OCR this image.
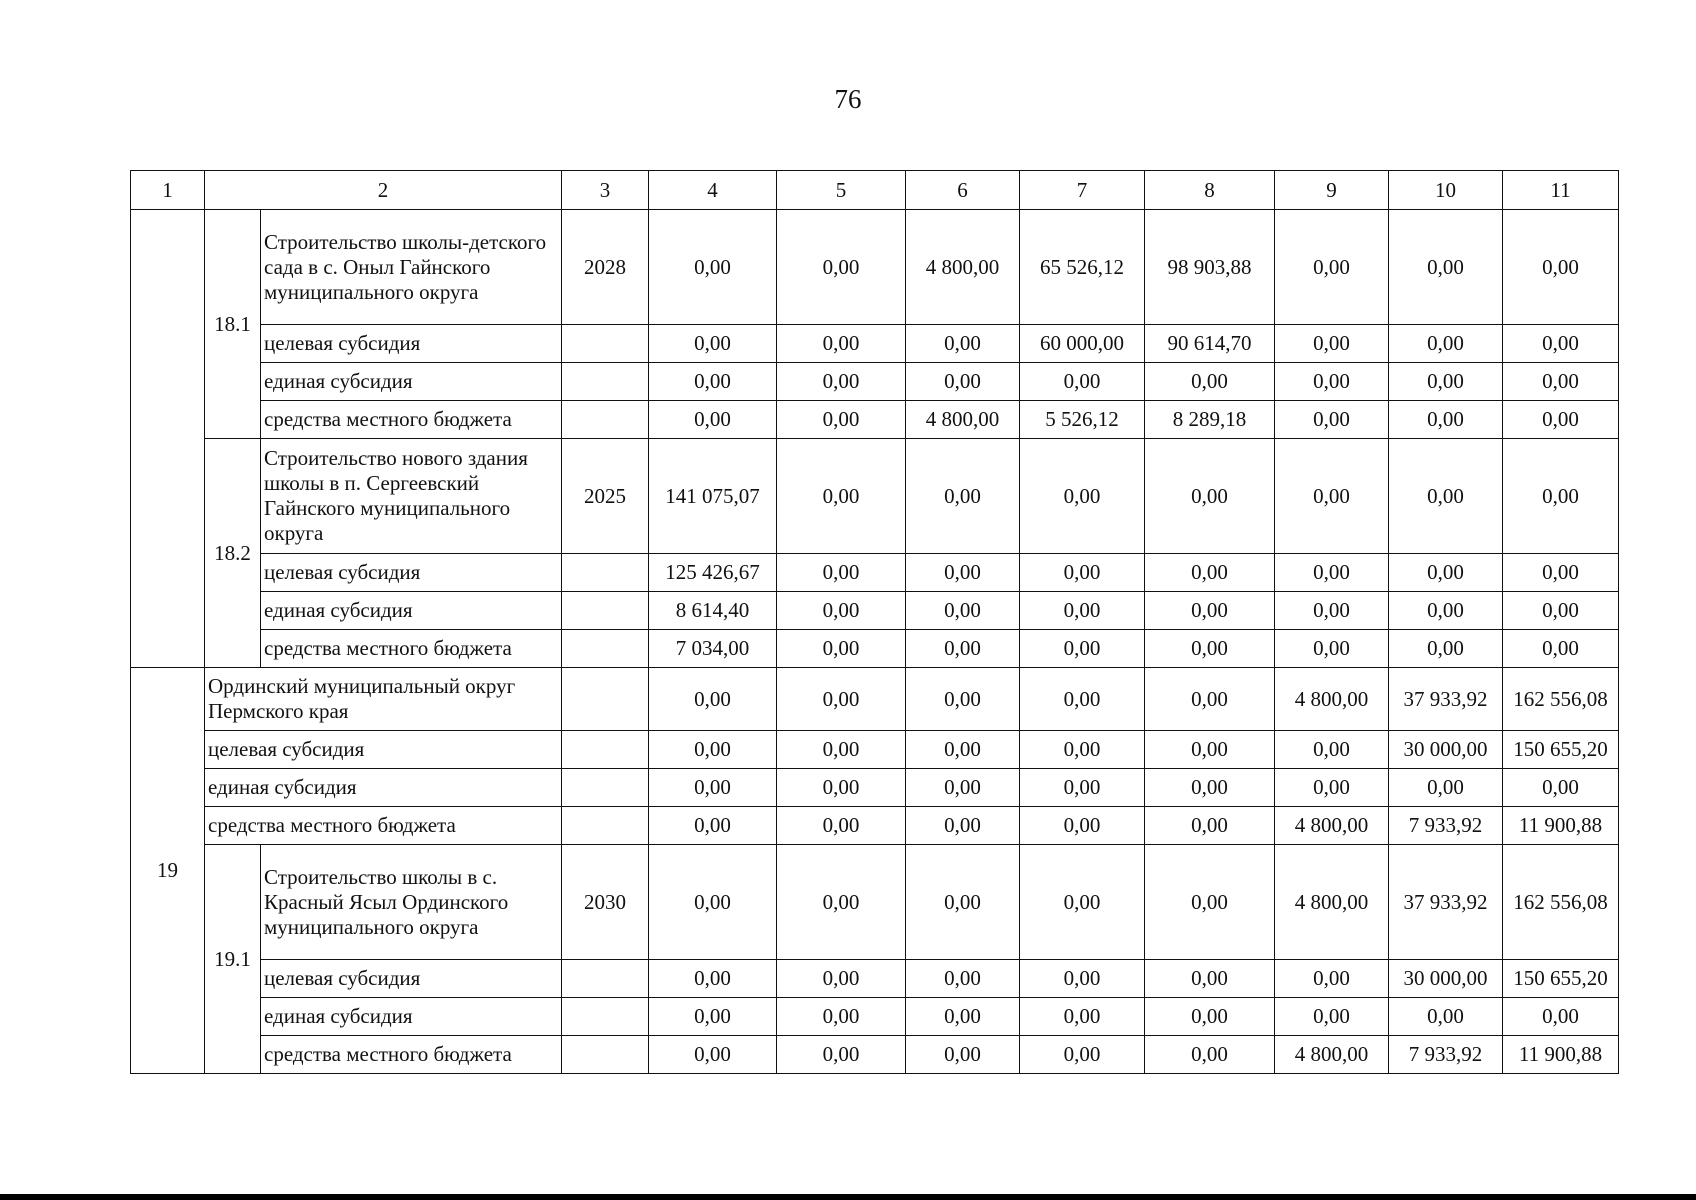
76
1	2		3	4	5	6	7	8	9	10	11
	18.1	Строительство школы-детского сада в с. Оныл Гайнского муниципального округа	2028	0,00	0,00	4 800,00	65 526,12	98 903,88	0,00	0,00	0,00
		целевая субсидия		0,00	0,00	0,00	60 000,00	90 614,70	0,00	0,00	0,00
		единая субсидия		0,00	0,00	0,00	0,00	0,00	0,00	0,00	0,00
		средства местного бюджета		0,00	0,00	4 800,00	5 526,12	8 289,18	0,00	0,00	0,00
	18.2	Строительство нового здания школы в п. Сергеевский Гайнского муниципального округа	2025	141 075,07	0,00	0,00	0,00	0,00	0,00	0,00	0,00
		целевая субсидия		125 426,67	0,00	0,00	0,00	0,00	0,00	0,00	0,00
		единая субсидия		8 614,40	0,00	0,00	0,00	0,00	0,00	0,00	0,00
		средства местного бюджета		7 034,00	0,00	0,00	0,00	0,00	0,00	0,00	0,00
19	Ординский муниципальный округ Пермского края			0,00	0,00	0,00	0,00	0,00	4 800,00	37 933,92	162 556,08
	целевая субсидия			0,00	0,00	0,00	0,00	0,00	0,00	30 000,00	150 655,20
	единая субсидия			0,00	0,00	0,00	0,00	0,00	0,00	0,00	0,00
	средства местного бюджета			0,00	0,00	0,00	0,00	0,00	4 800,00	7 933,92	11 900,88
	19.1	Строительство школы в с. Красный Ясыл Ординского муниципального округа	2030	0,00	0,00	0,00	0,00	0,00	4 800,00	37 933,92	162 556,08
		целевая субсидия		0,00	0,00	0,00	0,00	0,00	0,00	30 000,00	150 655,20
		единая субсидия		0,00	0,00	0,00	0,00	0,00	0,00	0,00	0,00
		средства местного бюджета		0,00	0,00	0,00	0,00	0,00	4 800,00	7 933,92	11 900,88
